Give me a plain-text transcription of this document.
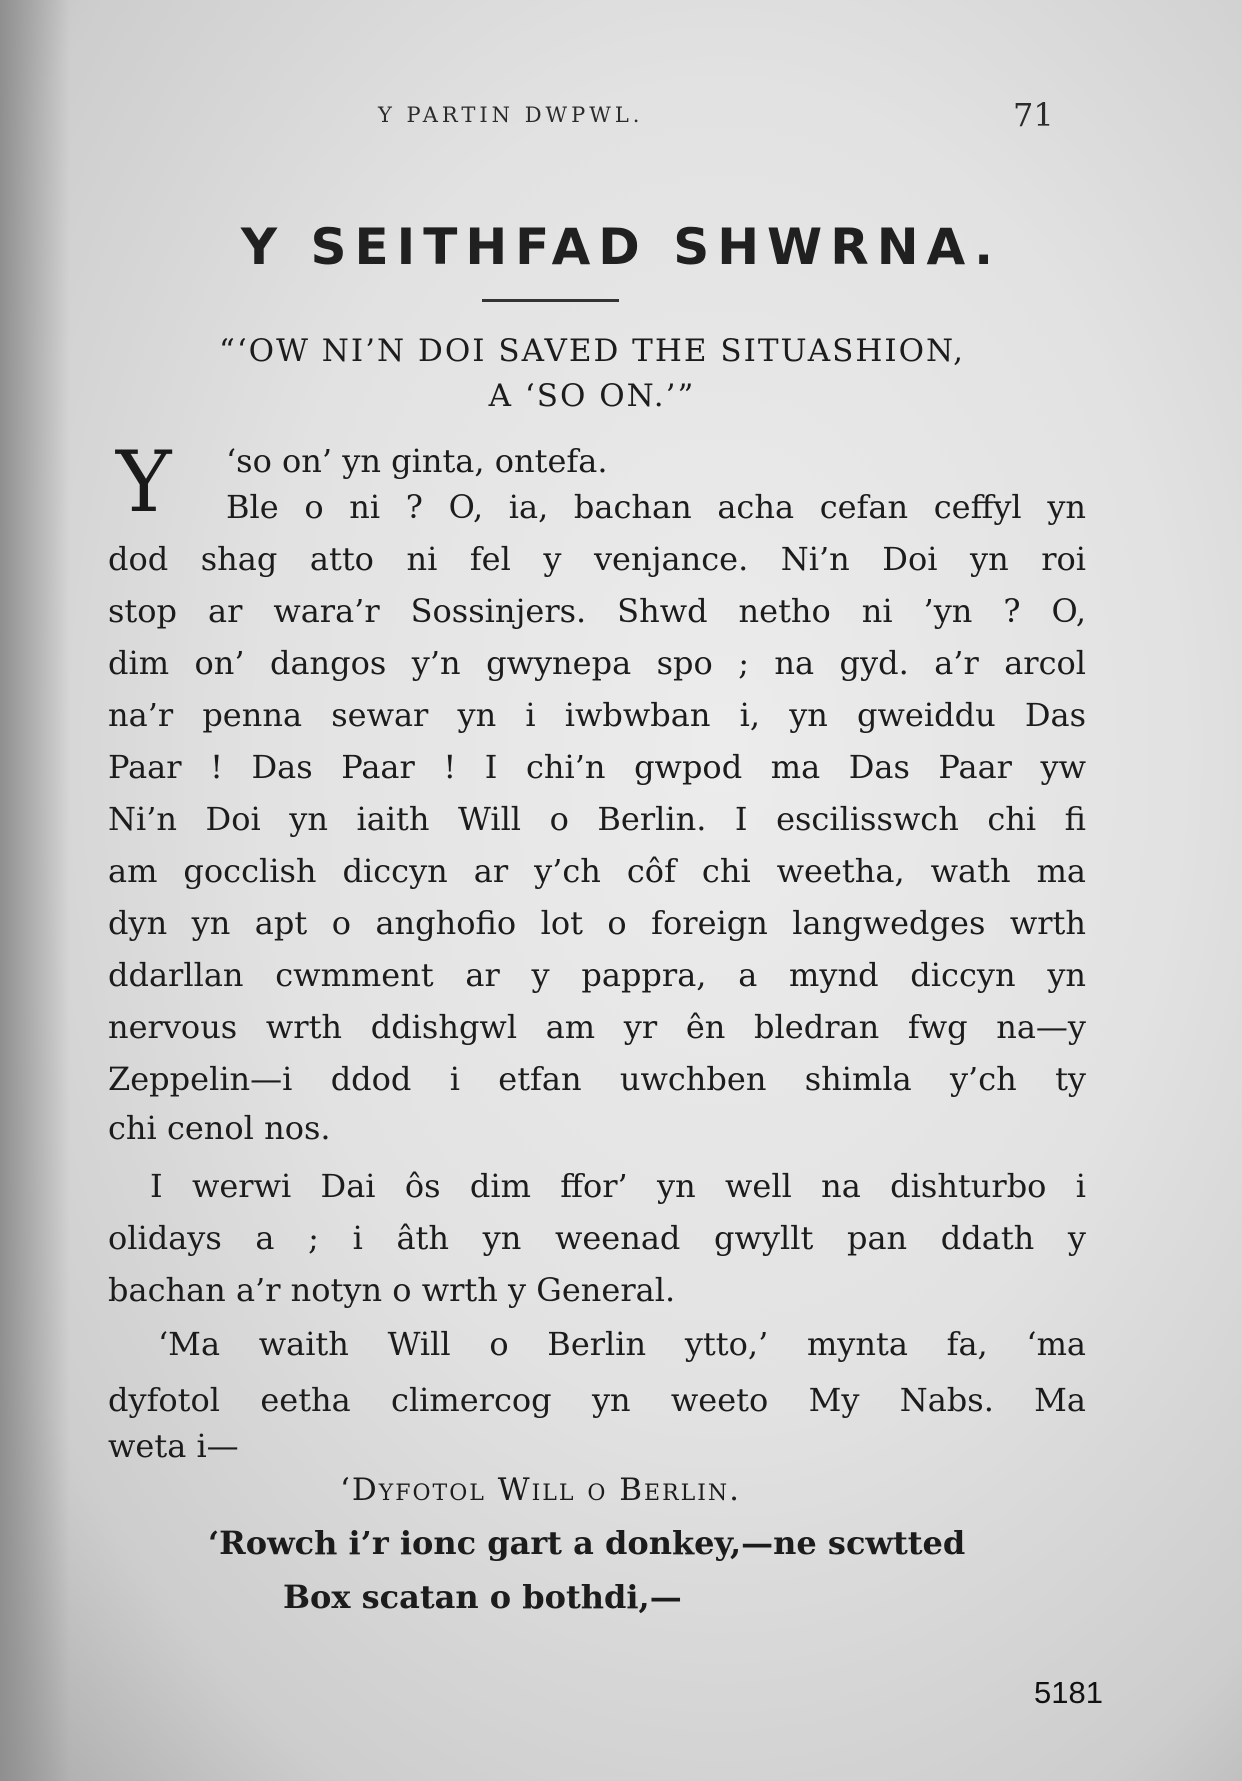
Y PARTIN DWPWL.	71
Y SEITHFAD SHWRNA.
“‘OW NI’N DOI SAVED THE SITUASHION,
A ‘SO ON.’”
Y ‘so on’ yn ginta, ontefa.
Ble o ni ? O, ia, bachan acha cefan ceffyl yn
dod shag atto ni fel y venjance. Ni’n Doi yn roi
stop ar wara’r Sossinjers. Shwd netho ni ’yn ? O,
dim on’ dangos y’n gwynepa spo ; na gyd. a’r arcol
na’r penna sewar yn i iwbwban i, yn gweiddu Das
Paar ! Das Paar ! I chi’n gwpod ma Das Paar yw
Ni’n Doi yn iaith Will o Berlin. I escilisswch chi fi
am gocclish diccyn ar y’ch côf chi weetha, wath ma
dyn yn apt o anghofio lot o foreign langwedges wrth
ddarllan cwmment ar y pappra, a mynd diccyn yn
nervous wrth ddishgwl am yr ên bledran fwg na—y
Zeppelin—i ddod i etfan uwchben shimla y’ch ty
chi cenol nos.
I werwi Dai ôs dim ffor’ yn well na dishturbo i
olidays a ; i âth yn weenad gwyllt pan ddath y
bachan a’r notyn o wrth y General.
‘Ma waith Will o Berlin ytto,’ mynta fa, ‘ma
dyfotol eetha climercog yn weeto My Nabs. Ma
weta i—
‘Dyfotol Will o Berlin.
‘Rowch i’r ionc gart a donkey,—ne scwtted
Box scatan o bothdi,—
5181
